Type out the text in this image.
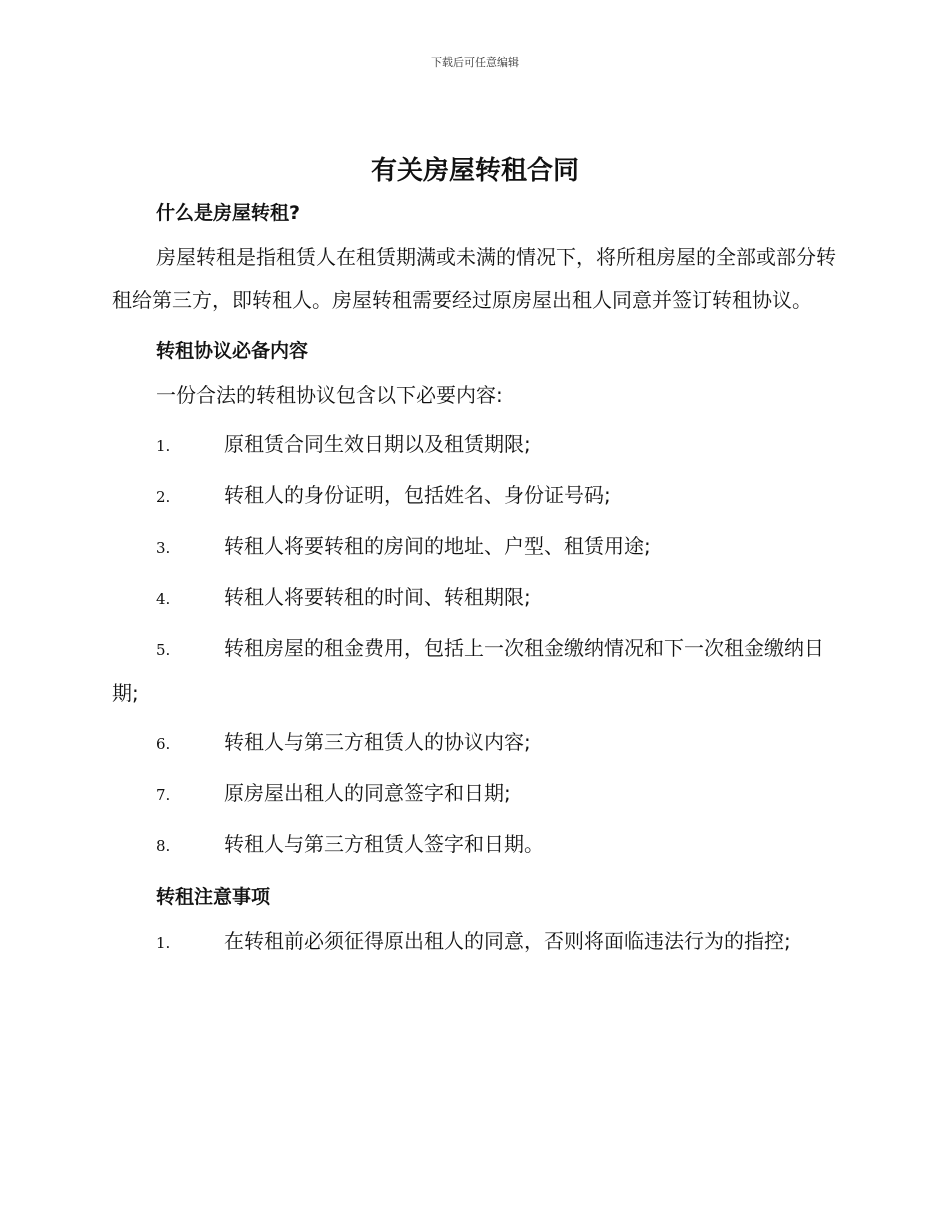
下载后可任意编辑
有关房屋转租合同
什么是房屋转租?

房屋转租是指租赁人在租赁期满或未满的情况下，将所租房屋的全部或部分转租给第三方，即转租人。房屋转租需要经过原房屋出租人同意并签订转租协议。

转租协议必备内容

一份合法的转租协议包含以下必要内容:

1.	原租赁合同生效日期以及租赁期限;

2.	转租人的身份证明，包括姓名、身份证号码;

3.	转租人将要转租的房间的地址、户型、租赁用途;

4.	转租人将要转租的时间、转租期限;

5.	转租房屋的租金费用，包括上一次租金缴纳情况和下一次租金缴纳日期;

6.	转租人与第三方租赁人的协议内容;

7.	原房屋出租人的同意签字和日期;

8.	转租人与第三方租赁人签字和日期。

转租注意事项

1.	在转租前必须征得原出租人的同意，否则将面临违法行为的指控;
